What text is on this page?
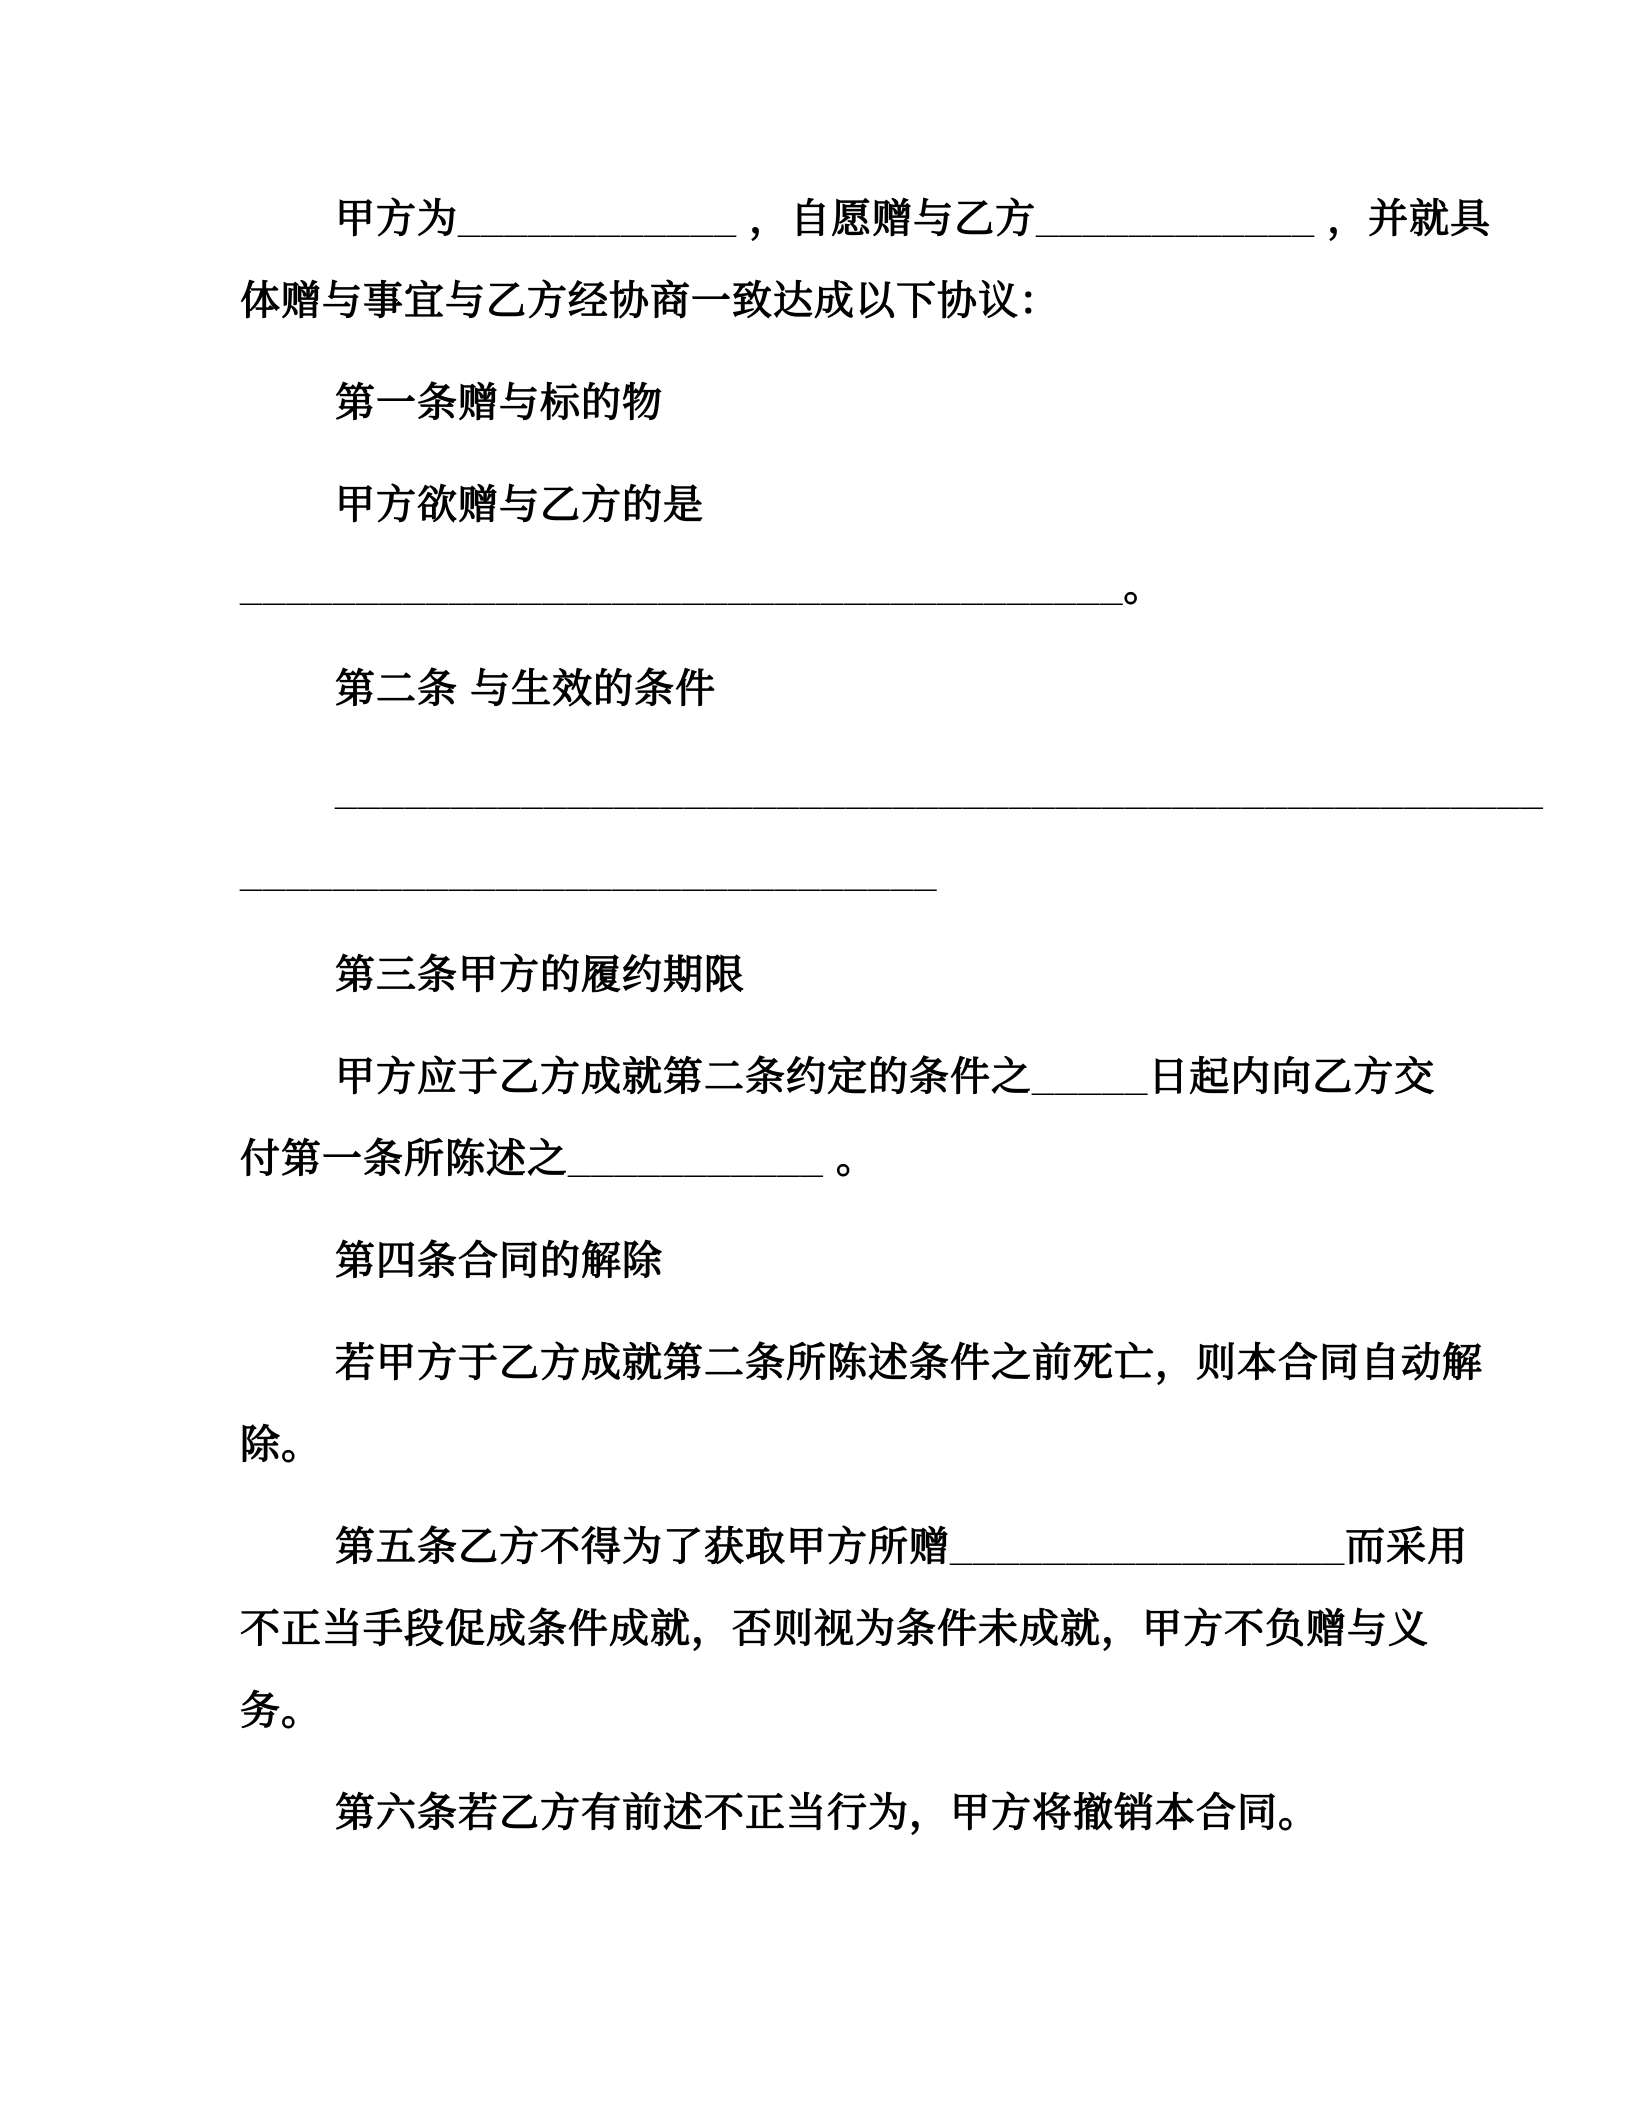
甲方为____________ ，自愿赠与乙方____________ ，并就具
体赠与事宜与乙方经协商一致达成以下协议：
第一条赠与标的物
甲方欲赠与乙方的是
______________________________________。
第二条 与生效的条件
____________________________________________________
______________________________
第三条甲方的履约期限
甲方应于乙方成就第二条约定的条件之_____日起内向乙方交
付第一条所陈述之___________ 。
第四条合同的解除
若甲方于乙方成就第二条所陈述条件之前死亡，则本合同自动解
除。
第五条乙方不得为了获取甲方所赠_________________而采用
不正当手段促成条件成就，否则视为条件未成就，甲方不负赠与义
务。
第六条若乙方有前述不正当行为，甲方将撤销本合同。
